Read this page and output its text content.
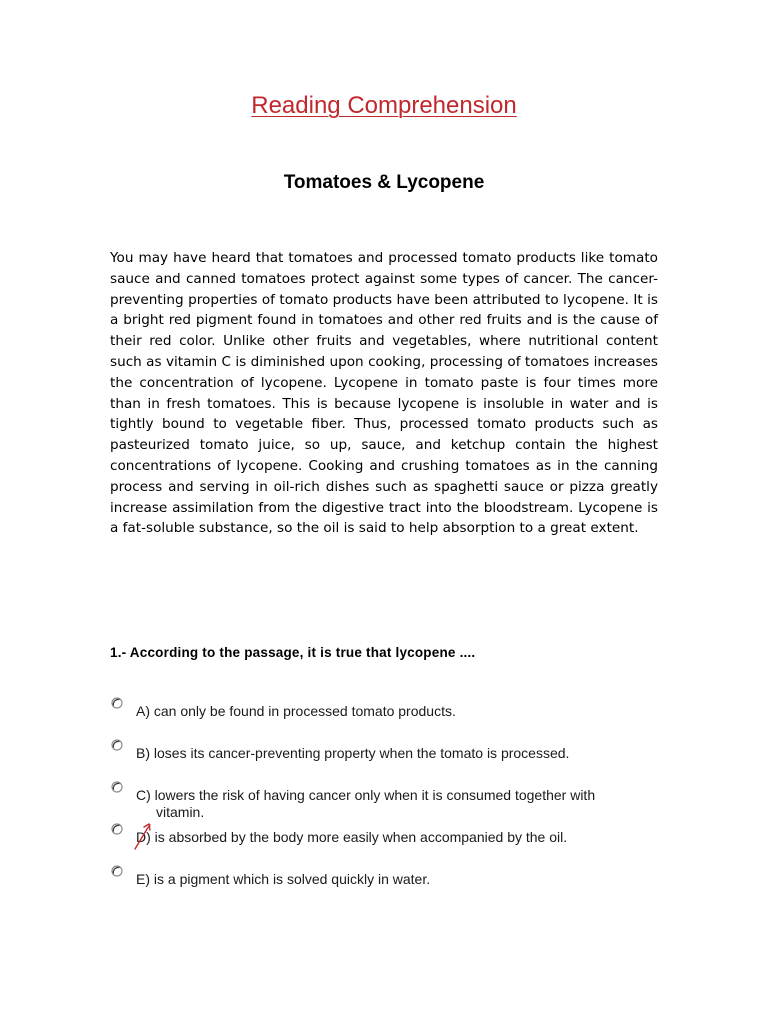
Reading Comprehension
Tomatoes & Lycopene

You may have heard that tomatoes and processed tomato products like tomato sauce and canned tomatoes protect against some types of cancer. The cancer-preventing properties of tomato products have been attributed to lycopene. It is a bright red pigment found in tomatoes and other red fruits and is the cause of their red color. Unlike other fruits and vegetables, where nutritional content such as vitamin C is diminished upon cooking, processing of tomatoes increases the concentration of lycopene. Lycopene in tomato paste is four times more than in fresh tomatoes. This is because lycopene is insoluble in water and is tightly bound to vegetable fiber. Thus, processed tomato products such as pasteurized tomato juice, so up, sauce, and ketchup contain the highest concentrations of lycopene. Cooking and crushing tomatoes as in the canning process and serving in oil-rich dishes such as spaghetti sauce or pizza greatly increase assimilation from the digestive tract into the bloodstream. Lycopene is a fat-soluble substance, so the oil is said to help absorption to a great extent.

1.- According to the passage, it is true that lycopene ....
A) can only be found in processed tomato products.
B) loses its cancer-preventing property when the tomato is processed.
C) lowers the risk of having cancer only when it is consumed together with
vitamin.
D) is absorbed by the body more easily when accompanied by the oil.
E) is a pigment which is solved quickly in water.
